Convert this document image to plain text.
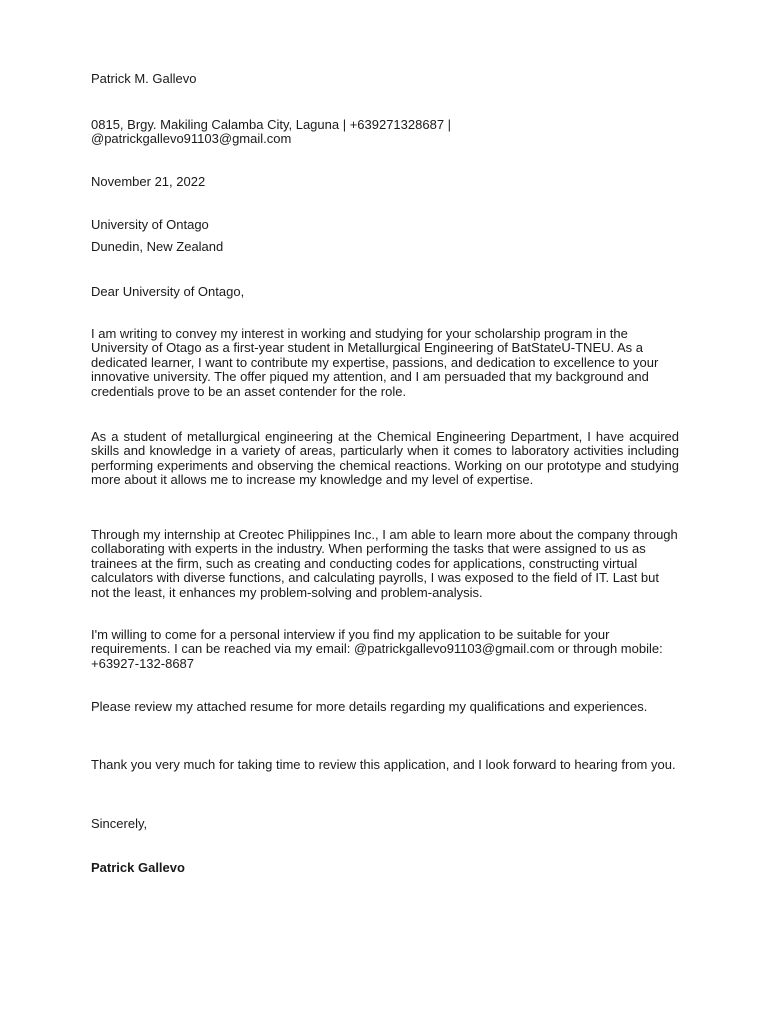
Patrick M. Gallevo
0815, Brgy. Makiling Calamba City, Laguna | +639271328687 |
@patrickgallevo91103@gmail.com
November 21, 2022
University of Ontago
Dunedin, New Zealand
Dear University of Ontago,
I am writing to convey my interest in working and studying for your scholarship program in the University of Otago as a first-year student in Metallurgical Engineering of BatStateU-TNEU. As a dedicated learner, I want to contribute my expertise, passions, and dedication to excellence to your innovative university. The offer piqued my attention, and I am persuaded that my background and credentials prove to be an asset contender for the role.
As a student of metallurgical engineering at the Chemical Engineering Department, I have acquired skills and knowledge in a variety of areas, particularly when it comes to laboratory activities including performing experiments and observing the chemical reactions. Working on our prototype and studying more about it allows me to increase my knowledge and my level of expertise.
Through my internship at Creotec Philippines Inc., I am able to learn more about the company through collaborating with experts in the industry. When performing the tasks that were assigned to us as trainees at the firm, such as creating and conducting codes for applications, constructing virtual calculators with diverse functions, and calculating payrolls, I was exposed to the field of IT. Last but not the least, it enhances my problem-solving and problem-analysis.
I'm willing to come for a personal interview if you find my application to be suitable for your requirements. I can be reached via my email: @patrickgallevo91103@gmail.com or through mobile: +63927-132-8687
Please review my attached resume for more details regarding my qualifications and experiences.
Thank you very much for taking time to review this application, and I look forward to hearing from you.
Sincerely,
Patrick Gallevo
